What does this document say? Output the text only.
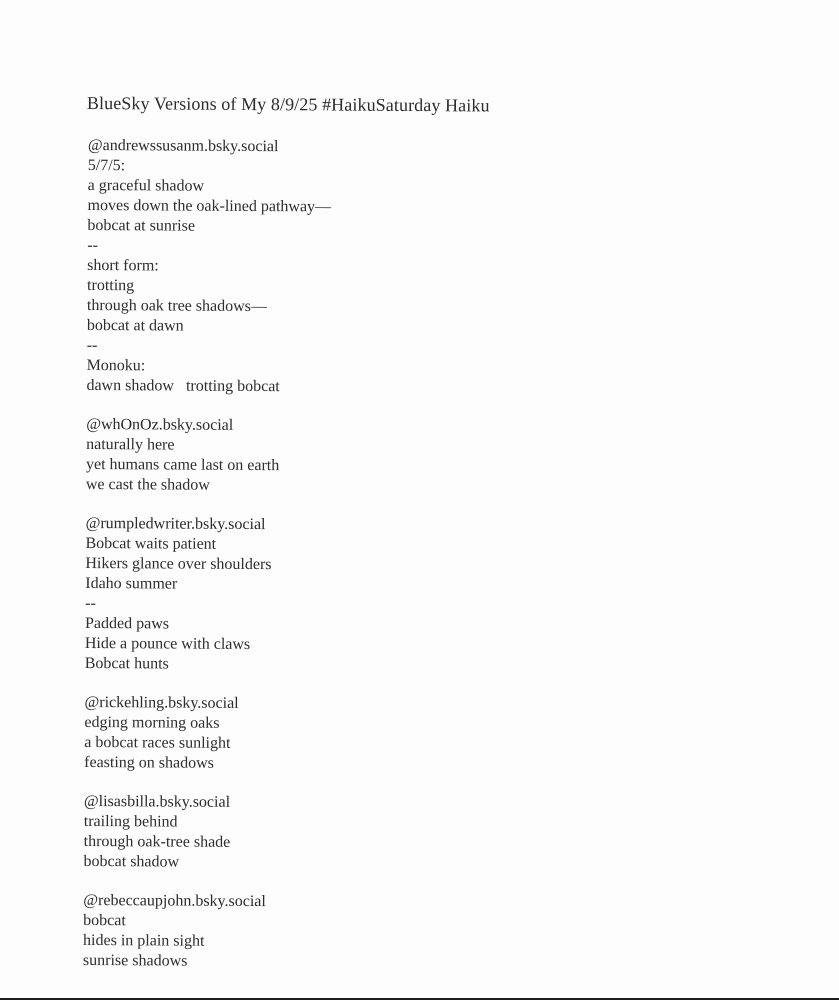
BlueSky Versions of My 8/9/25 #HaikuSaturday Haiku
@andrewssusanm.bsky.social
5/7/5:
a graceful shadow
moves down the oak-lined pathway—
bobcat at sunrise
--
short form:
trotting
through oak tree shadows—
bobcat at dawn
--
Monoku:
dawn shadow   trotting bobcat
@whOnOz.bsky.social
naturally here
yet humans came last on earth
we cast the shadow
@rumpledwriter.bsky.social
Bobcat waits patient
Hikers glance over shoulders
Idaho summer
--
Padded paws
Hide a pounce with claws
Bobcat hunts
@rickehling.bsky.social
edging morning oaks
a bobcat races sunlight
feasting on shadows
@lisasbilla.bsky.social
trailing behind
through oak-tree shade
bobcat shadow
@rebeccaupjohn.bsky.social
bobcat
hides in plain sight
sunrise shadows
